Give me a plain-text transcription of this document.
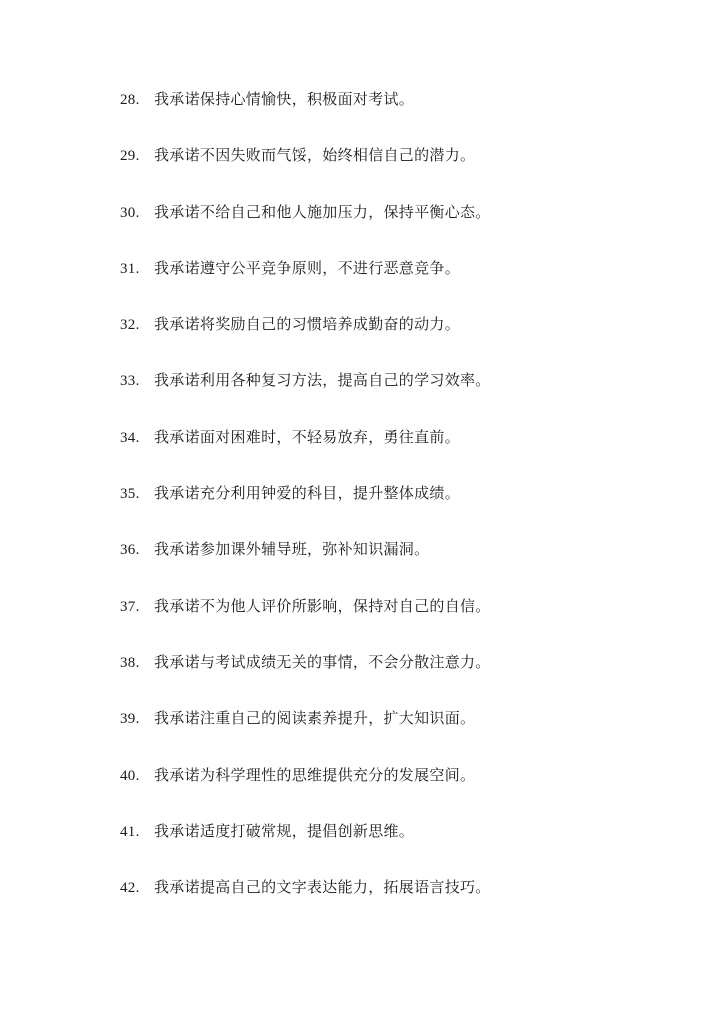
28. 我承诺保持心情愉快，积极面对考试。
29. 我承诺不因失败而气馁，始终相信自己的潜力。
30. 我承诺不给自己和他人施加压力，保持平衡心态。
31. 我承诺遵守公平竞争原则，不进行恶意竞争。
32. 我承诺将奖励自己的习惯培养成勤奋的动力。
33. 我承诺利用各种复习方法，提高自己的学习效率。
34. 我承诺面对困难时，不轻易放弃，勇往直前。
35. 我承诺充分利用钟爱的科目，提升整体成绩。
36. 我承诺参加课外辅导班，弥补知识漏洞。
37. 我承诺不为他人评价所影响，保持对自己的自信。
38. 我承诺与考试成绩无关的事情，不会分散注意力。
39. 我承诺注重自己的阅读素养提升，扩大知识面。
40. 我承诺为科学理性的思维提供充分的发展空间。
41. 我承诺适度打破常规，提倡创新思维。
42. 我承诺提高自己的文字表达能力，拓展语言技巧。
